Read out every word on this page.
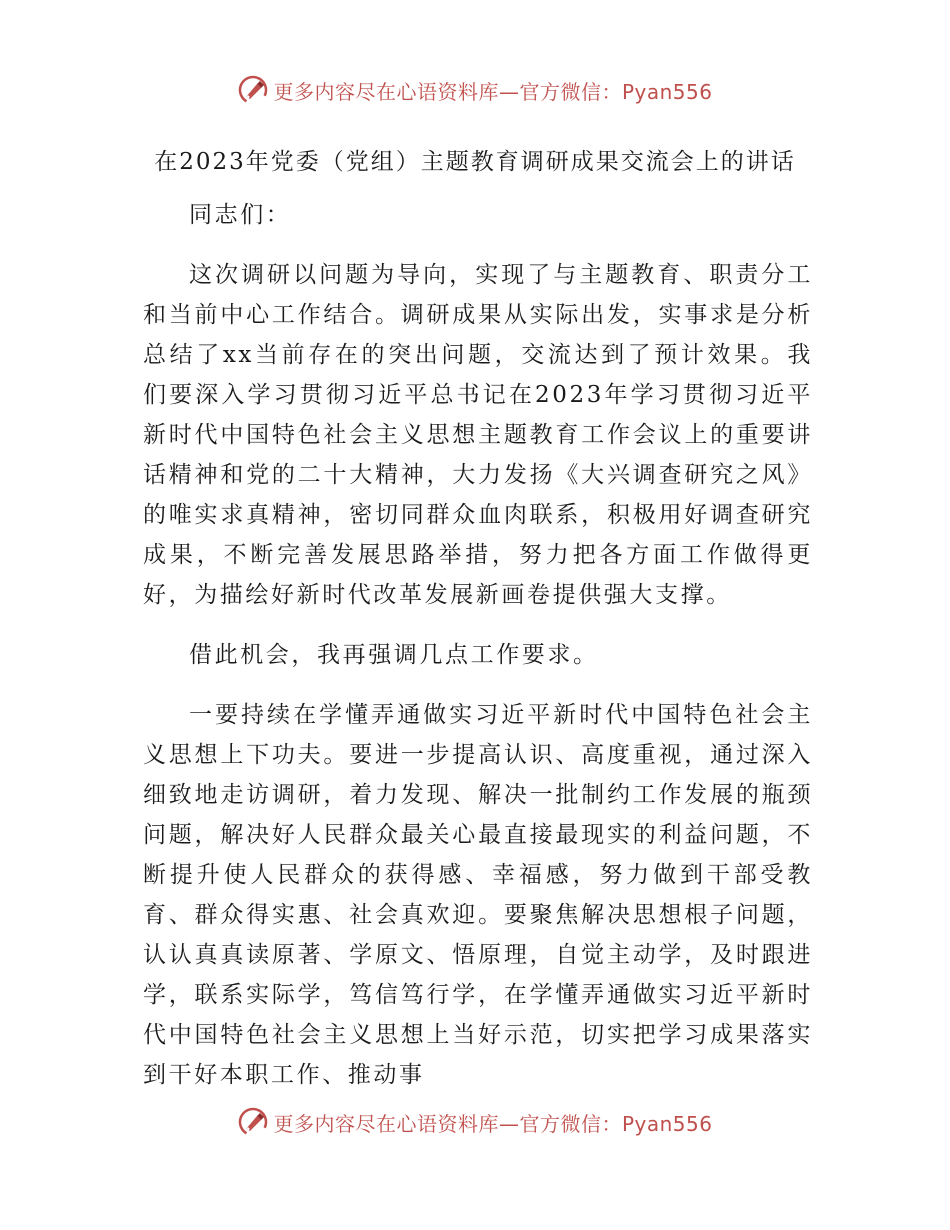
更多内容尽在心语资料库—官方微信：Pyan556
在2023年党委（党组）主题教育调研成果交流会上的讲话

同志们：

这次调研以问题为导向，实现了与主题教育、职责分工和当前中心工作结合。调研成果从实际出发，实事求是分析总结了xx当前存在的突出问题，交流达到了预计效果。我们要深入学习贯彻习近平总书记在2023年学习贯彻习近平新时代中国特色社会主义思想主题教育工作会议上的重要讲话精神和党的二十大精神，大力发扬《大兴调查研究之风》的唯实求真精神，密切同群众血肉联系，积极用好调查研究成果，不断完善发展思路举措，努力把各方面工作做得更好，为描绘好新时代改革发展新画卷提供强大支撑。

借此机会，我再强调几点工作要求。

一要持续在学懂弄通做实习近平新时代中国特色社会主义思想上下功夫。要进一步提高认识、高度重视，通过深入细致地走访调研，着力发现、解决一批制约工作发展的瓶颈问题，解决好人民群众最关心最直接最现实的利益问题，不断提升使人民群众的获得感、幸福感，努力做到干部受教育、群众得实惠、社会真欢迎。要聚焦解决思想根子问题，认认真真读原著、学原文、悟原理，自觉主动学，及时跟进学，联系实际学，笃信笃行学，在学懂弄通做实习近平新时代中国特色社会主义思想上当好示范，切实把学习成果落实到干好本职工作、推动事

更多内容尽在心语资料库—官方微信：Pyan556
